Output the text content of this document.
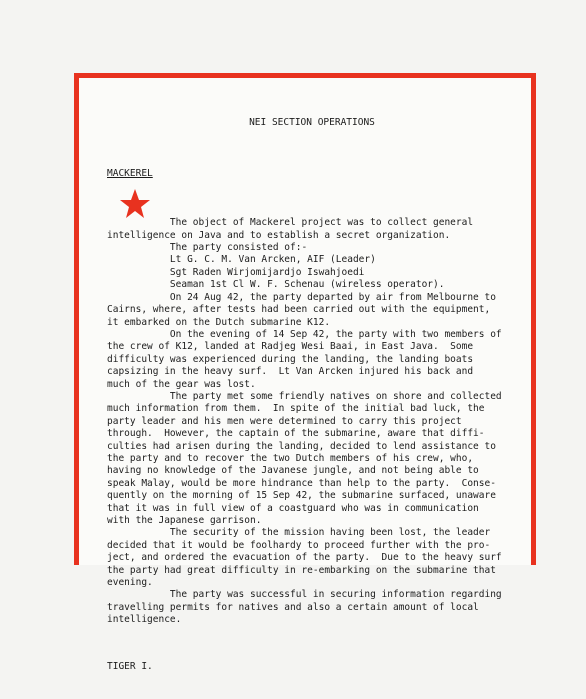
NEI SECTION OPERATIONS

MACKEREL

The object of Mackerel project was to collect general
intelligence on Java and to establish a secret organization.
The party consisted of:-
Lt G. C. M. Van Arcken, AIF (Leader)
Sgt Raden Wirjomijardjo Iswahjoedi
Seaman 1st Cl W. F. Schenau (wireless operator).
On 24 Aug 42, the party departed by air from Melbourne to
Cairns, where, after tests had been carried out with the equipment,
it embarked on the Dutch submarine K12.
On the evening of 14 Sep 42, the party with two members of
the crew of K12, landed at Radjeg Wesi Baai, in East Java.  Some
difficulty was experienced during the landing, the landing boats
capsizing in the heavy surf.  Lt Van Arcken injured his back and
much of the gear was lost.
The party met some friendly natives on shore and collected
much information from them.  In spite of the initial bad luck, the
party leader and his men were determined to carry this project
through.  However, the captain of the submarine, aware that diffi-
culties had arisen during the landing, decided to lend assistance to
the party and to recover the two Dutch members of his crew, who,
having no knowledge of the Javanese jungle, and not being able to
speak Malay, would be more hindrance than help to the party.  Conse-
quently on the morning of 15 Sep 42, the submarine surfaced, unaware
that it was in full view of a coastguard who was in communication
with the Japanese garrison.
The security of the mission having been lost, the leader
decided that it would be foolhardy to proceed further with the pro-
ject, and ordered the evacuation of the party.  Due to the heavy surf
the party had great difficulty in re-embarking on the submarine that
evening.
The party was successful in securing information regarding
travelling permits for natives and also a certain amount of local
intelligence.

TIGER I.
